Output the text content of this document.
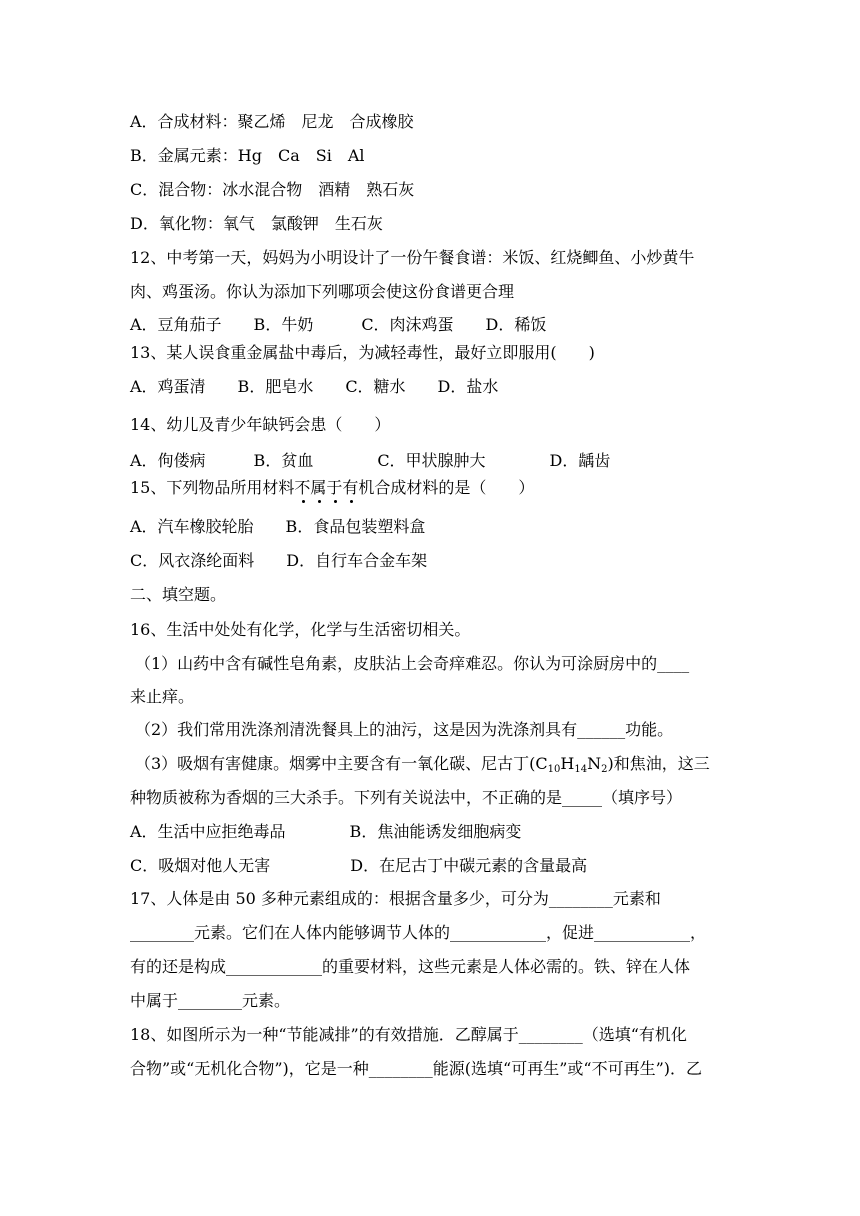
A．合成材料：聚乙烯　尼龙　合成橡胶
B．金属元素：Hg　Ca　Si　Al
C．混合物：冰水混合物　酒精　熟石灰
D．氧化物：氧气　氯酸钾　生石灰
12、中考第一天，妈妈为小明设计了一份午餐食谱：米饭、红烧鲫鱼、小炒黄牛
肉、鸡蛋汤。你认为添加下列哪项会使这份食谱更合理
A．豆角茄子　　B．牛奶　　　C．肉沫鸡蛋　　D．稀饭
13、某人误食重金属盐中毒后，为减轻毒性，最好立即服用(　　)
A．鸡蛋清　　B．肥皂水　　C．糖水　　D．盐水
14、幼儿及青少年缺钙会患（　　）
A．佝偻病　　　B．贫血　　　　C．甲状腺肿大　　　　D．龋齿
15、下列物品所用材料不属于有机合成材料的是（　　）
A．汽车橡胶轮胎　　B．食品包装塑料盒
C．风衣涤纶面料　　D．自行车合金车架
二、填空题。
16、生活中处处有化学，化学与生活密切相关。
（1）山药中含有碱性皂角素，皮肤沾上会奇痒难忍。你认为可涂厨房中的____
来止痒。
（2）我们常用洗涤剂清洗餐具上的油污，这是因为洗涤剂具有______功能。
（3）吸烟有害健康。烟雾中主要含有一氧化碳、尼古丁$(C_{10}H_{14}N_2)$和焦油，这三
种物质被称为香烟的三大杀手。下列有关说法中，不正确的是_____（填序号）
A．生活中应拒绝毒品　　　　B．焦油能诱发细胞病变
C．吸烟对他人无害　　　　　D．在尼古丁中碳元素的含量最高
17、人体是由 50 多种元素组成的：根据含量多少，可分为________元素和
________元素。它们在人体内能够调节人体的____________，促进____________，
有的还是构成____________的重要材料，这些元素是人体必需的。铁、锌在人体
中属于________元素。
18、如图所示为一种“节能减排”的有效措施．乙醇属于________（选填“有机化
合物”或“无机化合物”)，它是一种________能源(选填“可再生”或“不可再生”)．乙
